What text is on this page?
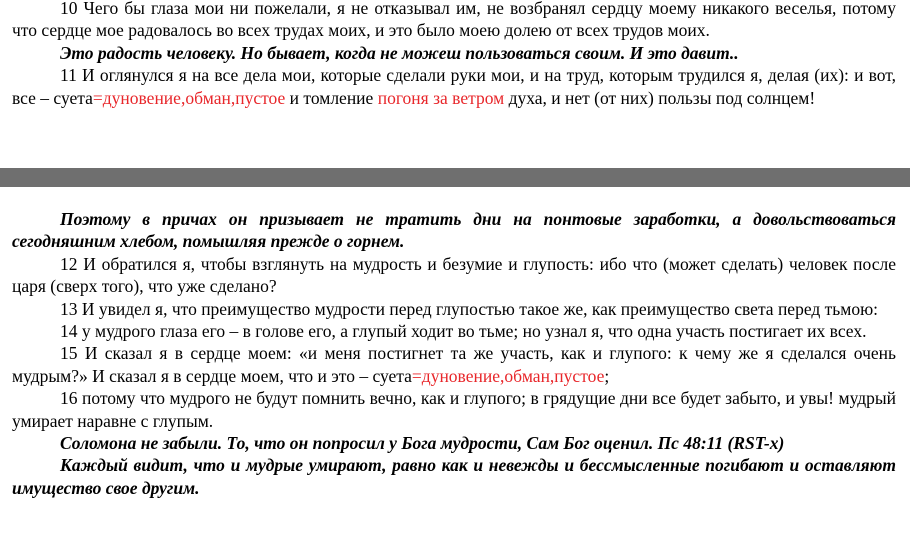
10 Чего бы глаза мои ни пожелали, я не отказывал им, не возбранял сердцу моему никакого веселья, потому что сердце мое радовалось во всех трудах моих, и это было моею долею от всех трудов моих.

Это радость человеку. Но бывает, когда не можеш пользоваться своим. И это давит..

11 И оглянулся я на все дела мои, которые сделали руки мои, и на труд, которым трудился я, делая (их): и вот, все – суета=дуновение,обман,пустое и томление погоня за ветром духа, и нет (от них) пользы под солнцем!

Поэтому в причах он призывает не тратить дни на понтовые заработки, а довольствоваться сегодняшним хлебом, помышляя прежде о горнем.

12 И обратился я, чтобы взглянуть на мудрость и безумие и глупость: ибо что (может сделать) человек после царя (сверх того), что уже сделано?

13 И увидел я, что преимущество мудрости перед глупостью такое же, как преимущество света перед тьмою:

14 у мудрого глаза его – в голове его, а глупый ходит во тьме; но узнал я, что одна участь постигает их всех.

15 И сказал я в сердце моем: «и меня постигнет та же участь, как и глупого: к чему же я сделался очень мудрым?» И сказал я в сердце моем, что и это – суета=дуновение,обман,пустое;

16 потому что мудрого не будут помнить вечно, как и глупого; в грядущие дни все будет забыто, и увы! мудрый умирает наравне с глупым.

Соломона не забыли. То, что он попросил у Бога мудрости, Сам Бог оценил. Пс 48:11 (RST-x)

Каждый видит, что и мудрые умирают, равно как и невежды и бессмысленные погибают и оставляют имущество свое другим.
